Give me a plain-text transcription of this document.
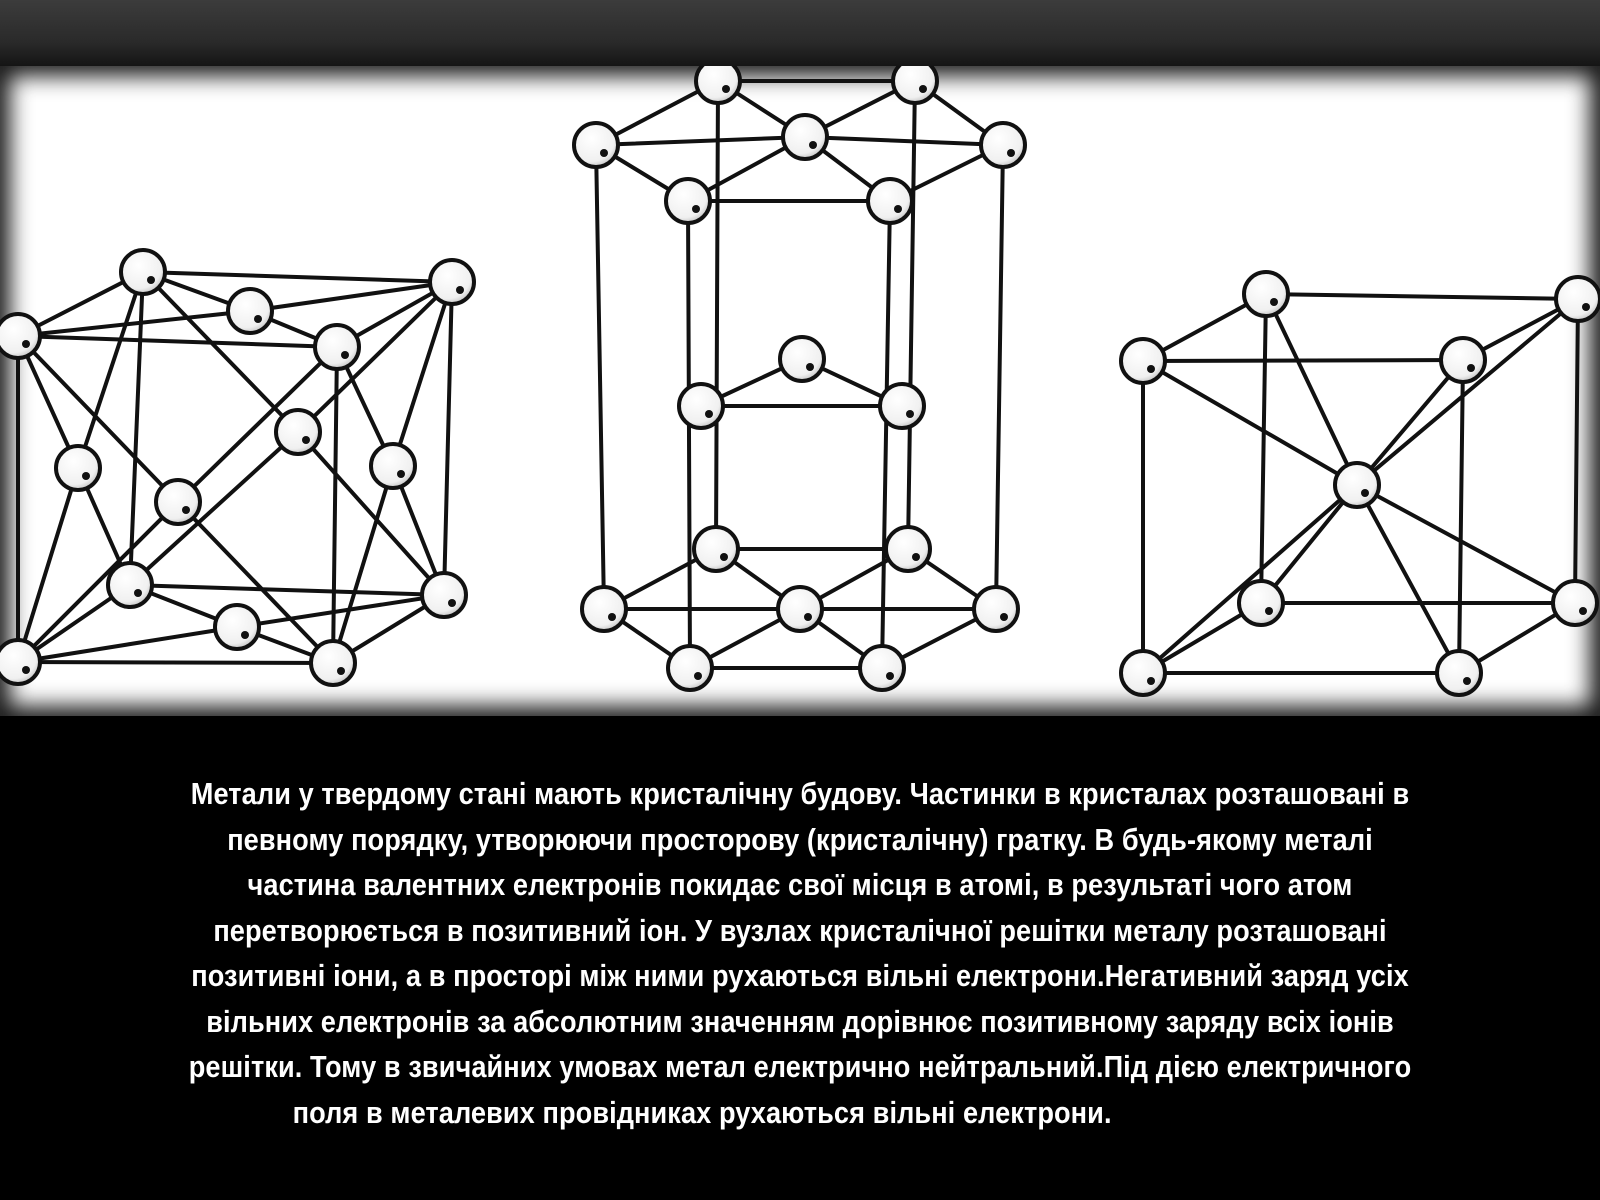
Метали у твердому стані мають кристалічну будову. Частинки в кристалах розташовані в
певному порядку, утворюючи просторову (кристалічну) гратку. В будь-якому металі
частина валентних електронів покидає свої місця в атомі, в результаті чого атом
перетворюється в позитивний іон. У вузлах кристалічної решітки металу розташовані
позитивні іони, а в просторі між ними рухаються вільні електрони.Негативний заряд усіх
вільних електронів за абсолютним значенням дорівнює позитивному заряду всіх іонів
решітки. Тому в звичайних умовах метал електрично нейтральний.Під дією електричного
поля в металевих провідниках рухаються вільні електрони.
